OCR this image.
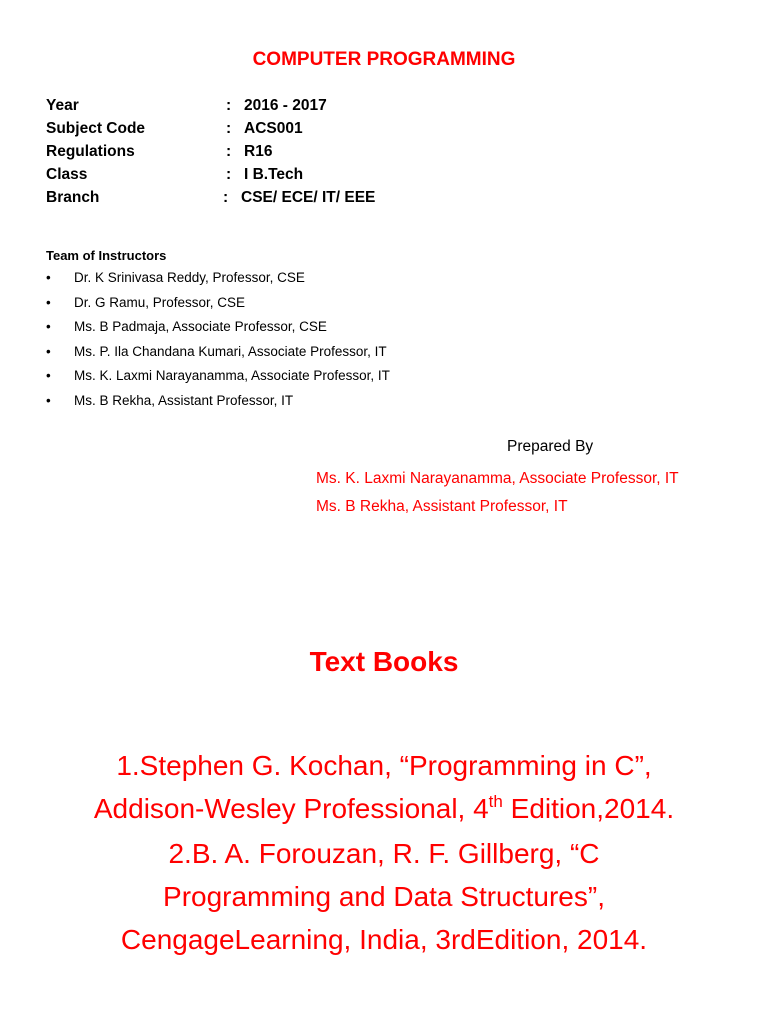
COMPUTER PROGRAMMING
Year	: 2016 - 2017
Subject Code	: ACS001
Regulations	: R16
Class	: I B.Tech
Branch	: CSE/ ECE/ IT/ EEE
Team of Instructors
• Dr. K Srinivasa Reddy, Professor, CSE
• Dr. G Ramu, Professor, CSE
• Ms. B Padmaja, Associate Professor, CSE
• Ms. P. Ila Chandana Kumari, Associate Professor, IT
• Ms. K. Laxmi Narayanamma, Associate Professor, IT
• Ms. B Rekha, Assistant Professor, IT
Prepared By
Ms. K. Laxmi Narayanamma, Associate Professor, IT
Ms. B Rekha, Assistant Professor, IT
Text Books
1.Stephen G. Kochan, “Programming in C”,
Addison-Wesley Professional, 4th Edition,2014.
2.B. A. Forouzan, R. F. Gillberg, “C
Programming and Data Structures”,
CengageLearning, India, 3rdEdition, 2014.
